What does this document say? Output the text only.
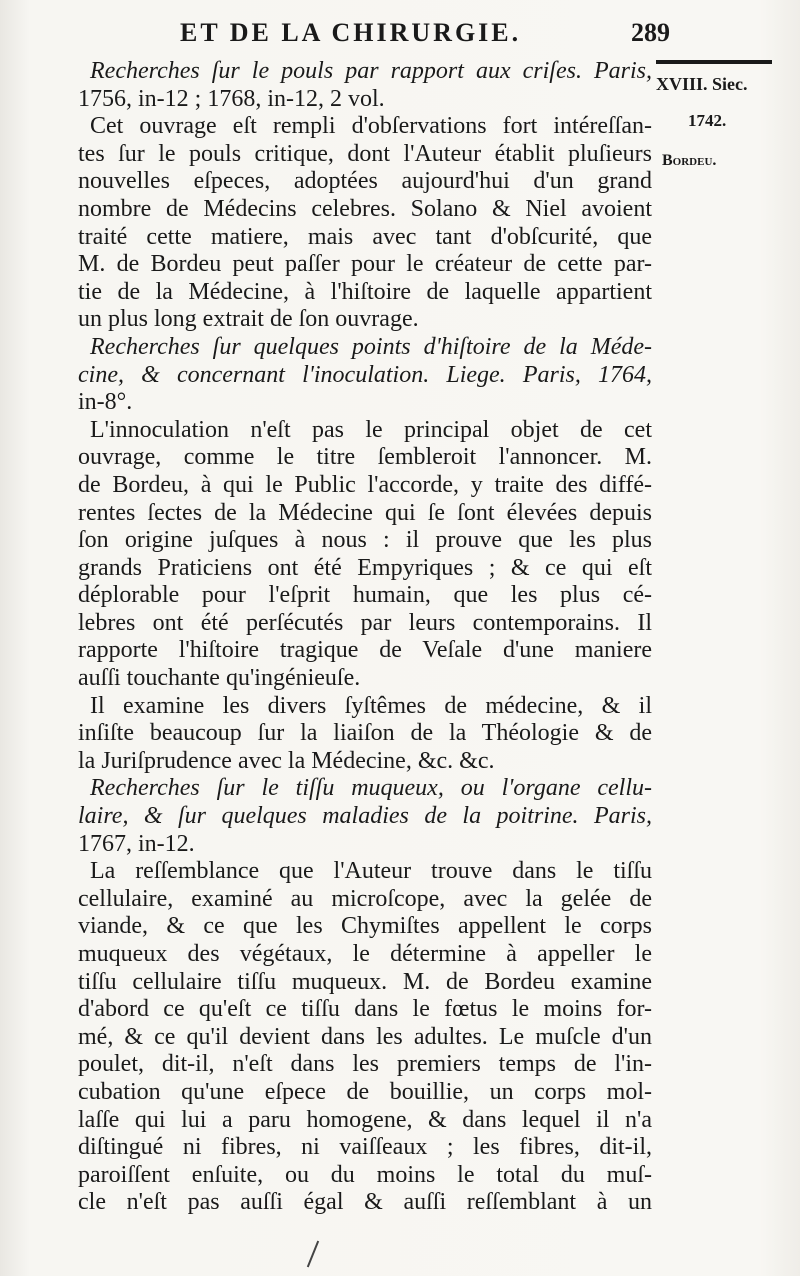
ET DE LA CHIRURGIE.	289
XVIII. Siec.
1742.
Bordeu.
Recherches ſur le pouls par rapport aux criſes. Paris,
1756, in-12 ; 1768, in-12, 2 vol.
Cet ouvrage eſt rempli d'obſervations fort intéreſſan-
tes ſur le pouls critique, dont l'Auteur établit pluſieurs
nouvelles eſpeces, adoptées aujourd'hui d'un grand
nombre de Médecins celebres. Solano & Niel avoient
traité cette matiere, mais avec tant d'obſcurité, que
M. de Bordeu peut paſſer pour le créateur de cette par-
tie de la Médecine, à l'hiſtoire de laquelle appartient
un plus long extrait de ſon ouvrage.
Recherches ſur quelques points d'hiſtoire de la Méde-
cine, & concernant l'inoculation. Liege. Paris, 1764,
in-8°.
L'innoculation n'eſt pas le principal objet de cet
ouvrage, comme le titre ſembleroit l'annoncer. M.
de Bordeu, à qui le Public l'accorde, y traite des diffé-
rentes ſectes de la Médecine qui ſe ſont élevées depuis
ſon origine juſques à nous : il prouve que les plus
grands Praticiens ont été Empyriques ; & ce qui eſt
déplorable pour l'eſprit humain, que les plus cé-
lebres ont été perſécutés par leurs contemporains. Il
rapporte l'hiſtoire tragique de Veſale d'une maniere
auſſi touchante qu'ingénieuſe.
Il examine les divers ſyſtêmes de médecine, & il
inſiſte beaucoup ſur la liaiſon de la Théologie & de
la Juriſprudence avec la Médecine, &c. &c.
Recherches ſur le tiſſu muqueux, ou l'organe cellu-
laire, & ſur quelques maladies de la poitrine. Paris,
1767, in-12.
La reſſemblance que l'Auteur trouve dans le tiſſu
cellulaire, examiné au microſcope, avec la gelée de
viande, & ce que les Chymiſtes appellent le corps
muqueux des végétaux, le détermine à appeller le
tiſſu cellulaire tiſſu muqueux. M. de Bordeu examine
d'abord ce qu'eſt ce tiſſu dans le fœtus le moins for-
mé, & ce qu'il devient dans les adultes. Le muſcle d'un
poulet, dit-il, n'eſt dans les premiers temps de l'in-
cubation qu'une eſpece de bouillie, un corps mol-
laſſe qui lui a paru homogene, & dans lequel il n'a
diſtingué ni fibres, ni vaiſſeaux ; les fibres, dit-il,
paroiſſent enſuite, ou du moins le total du muſ-
cle n'eſt pas auſſi égal & auſſi reſſemblant à un
